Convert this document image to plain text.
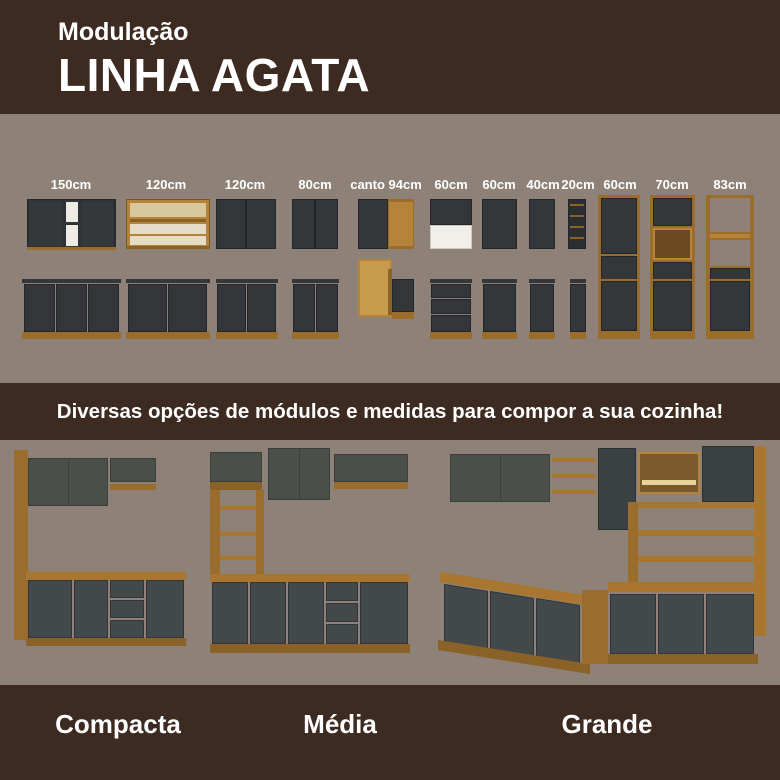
Modulação
LINHA AGATA
150cm	120cm	120cm	80cm canto 94cm 60cm 60cm 40cm 20cm 60cm 70cm 83cm
Diversas opções de módulos e medidas para compor a sua cozinha!
Compacta	Média	Grande
